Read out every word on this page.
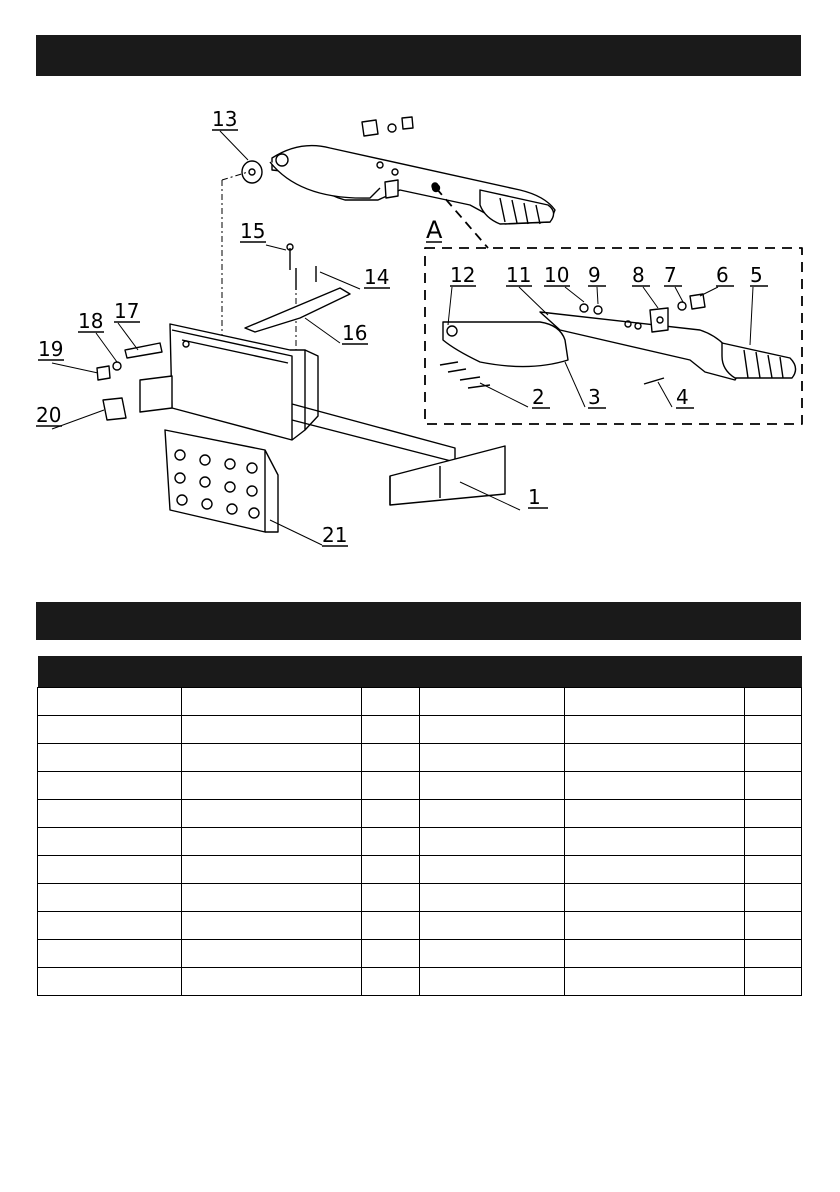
1
2 3	4
5
6
7
8
9
10
11
12
13
14
15
16
17
18
19
20
21
A
